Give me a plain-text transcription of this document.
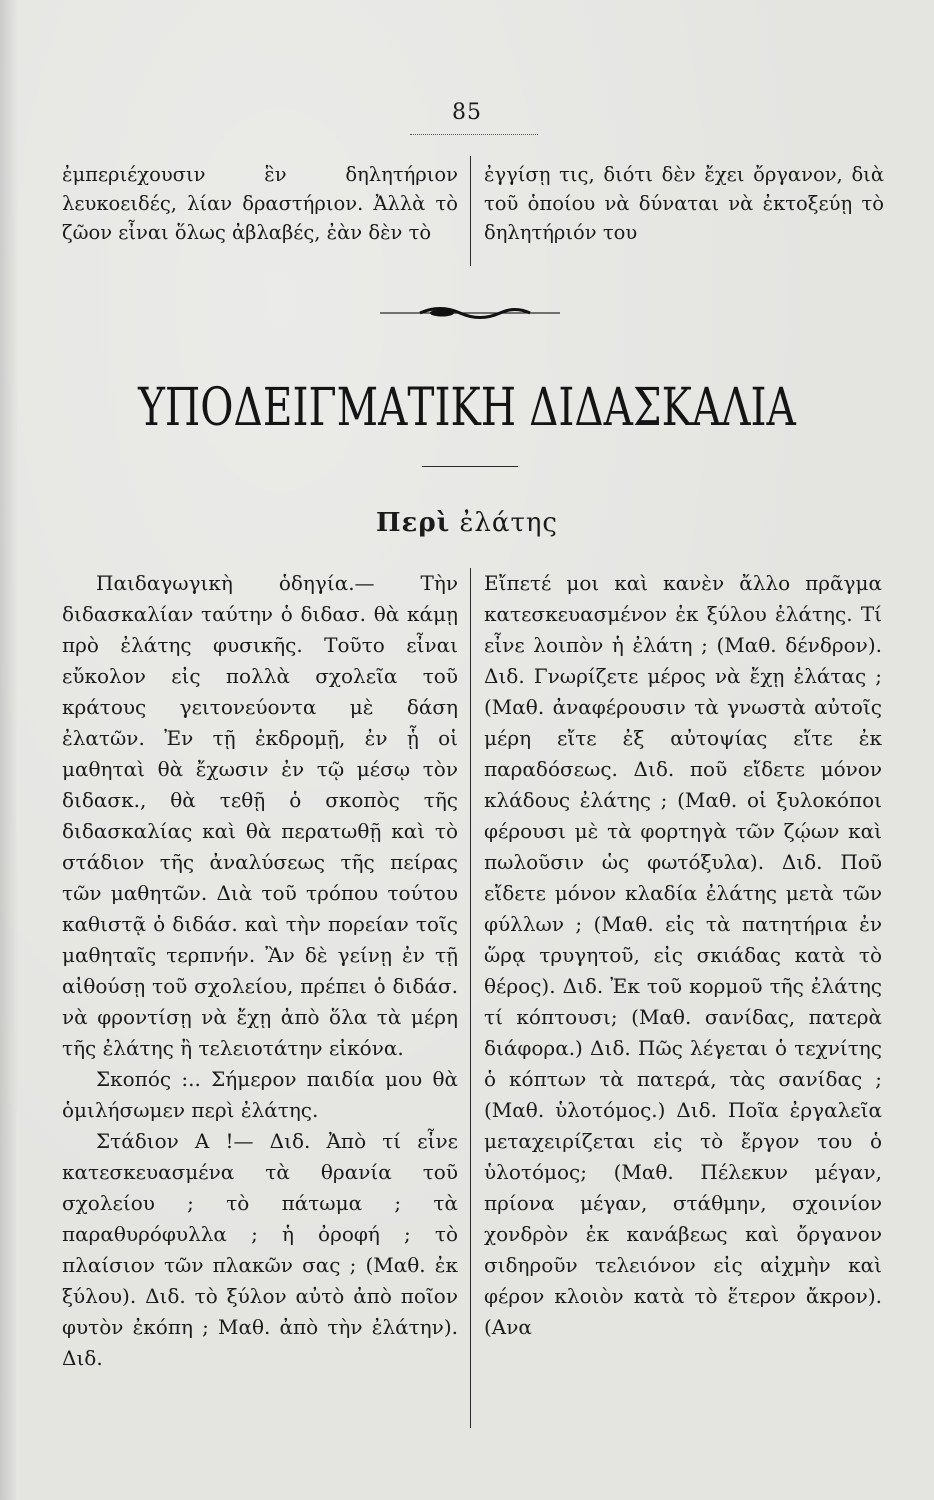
85

ἐμπεριέχουσιν ἓν δηλητήριον λευκοειδές, λίαν δραστήριον. Ἀλλὰ τὸ ζῶον εἶναι ὅλως ἀβλαβές, ἐὰν δὲν τὸ

ἐγγίσῃ τις, διότι δὲν ἔχει ὄργανον, διὰ τοῦ ὁποίου νὰ δύναται νὰ ἐκτοξεύῃ τὸ δηλητήριόν του

ΥΠΟΔΕΙΓΜΑΤΙΚΗ ΔΙΔΑΣΚΑΛΙΑ
Περὶ ἐλάτης

Παιδαγωγικὴ ὁδηγία.— Τὴν διδασκαλίαν ταύτην ὁ διδασ. θὰ κάμῃ πρὸ ἐλάτης φυσικῆς. Τοῦτο εἶναι εὔκολον εἰς πολλὰ σχολεῖα τοῦ κράτους γειτονεύοντα μὲ δάση ἐλατῶν. Ἐν τῇ ἐκδρομῇ, ἐν ᾗ οἱ μαθηταὶ θὰ ἔχωσιν ἐν τῷ μέσῳ τὸν διδασκ., θὰ τεθῇ ὁ σκοπὸς τῆς διδασκαλίας καὶ θὰ περατωθῇ καὶ τὸ στάδιον τῆς ἀναλύσεως τῆς πείρας τῶν μαθητῶν. Διὰ τοῦ τρόπου τούτου καθιστᾷ ὁ διδάσ. καὶ τὴν πορείαν τοῖς μαθηταῖς τερπνήν. Ἂν δὲ γείνῃ ἐν τῇ αἰθούσῃ τοῦ σχολείου, πρέπει ὁ διδάσ. νὰ φροντίσῃ νὰ ἔχῃ ἀπὸ ὅλα τὰ μέρη τῆς ἐλάτης ἢ τελειοτάτην εἰκόνα.

Σκοπός :.. Σήμερον παιδία μου θὰ ὁμιλήσωμεν περὶ ἐλάτης.

Στάδιον Α !— Διδ. Ἀπὸ τί εἶνε κατεσκευασμένα τὰ θρανία τοῦ σχολείου ; τὸ πάτωμα ; τὰ παραθυρόφυλλα ; ἡ ὀροφή ; τὸ πλαίσιον τῶν πλακῶν σας ; (Μαθ. ἐκ ξύλου). Διδ. τὸ ξύλον αὐτὸ ἀπὸ ποῖον φυτὸν ἐκόπη ; Μαθ. ἀπὸ τὴν ἐλάτην). Διδ.

Εἴπετέ μοι καὶ κανὲν ἄλλο πρᾶγμα κατεσκευασμένον ἐκ ξύλου ἐλάτης. Τί εἶνε λοιπὸν ἡ ἐλάτη ; (Μαθ. δένδρον). Διδ. Γνωρίζετε μέρος νὰ ἔχῃ ἐλάτας ; (Μαθ. ἀναφέρουσιν τὰ γνωστὰ αὐτοῖς μέρη εἴτε ἐξ αὐτοψίας εἴτε ἐκ παραδόσεως. Διδ. ποῦ εἴδετε μόνον κλάδους ἐλάτης ; (Μαθ. οἱ ξυλοκόποι φέρουσι μὲ τὰ φορτηγὰ τῶν ζῴων καὶ πωλοῦσιν ὡς φωτόξυλα). Διδ. Ποῦ εἴδετε μόνον κλαδία ἐλάτης μετὰ τῶν φύλλων ; (Μαθ. εἰς τὰ πατητήρια ἐν ὥρᾳ τρυγητοῦ, εἰς σκιάδας κατὰ τὸ θέρος). Διδ. Ἐκ τοῦ κορμοῦ τῆς ἐλάτης τί κόπτουσι; (Μαθ. σανίδας, πατερὰ διάφορα.) Διδ. Πῶς λέγεται ὁ τεχνίτης ὁ κόπτων τὰ πατερά, τὰς σανίδας ;(Μαθ. ὑλοτόμος.) Διδ. Ποῖα ἐργαλεῖα μεταχειρίζεται εἰς τὸ ἔργον του ὁ ὑλοτόμος; (Μαθ. Πέλεκυν μέγαν, πρίονα μέγαν, στάθμην, σχοινίον χονδρὸν ἐκ κανάβεως καὶ ὄργανον σιδηροῦν τελειόνον εἰς αἰχμὴν καὶ φέρον κλοιὸν κατὰ τὸ ἕτερον ἄκρον). (Ανα
